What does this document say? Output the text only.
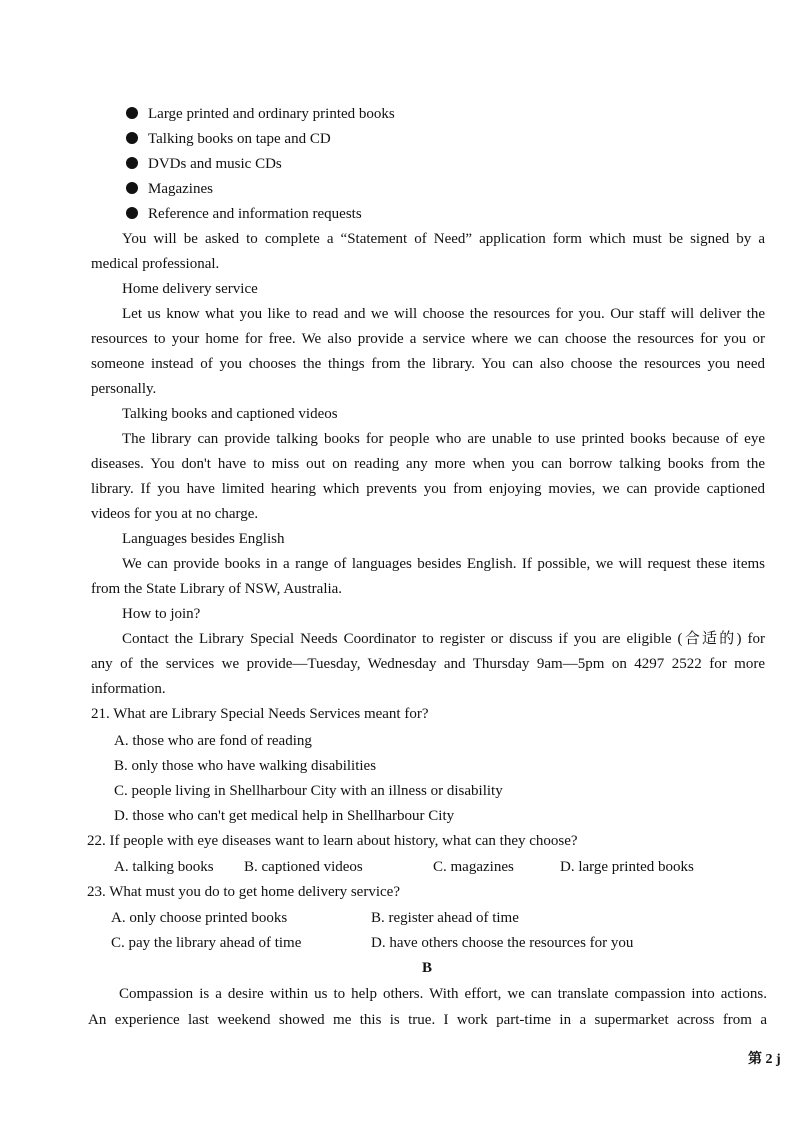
Large printed and ordinary printed books
Talking books on tape and CD
DVDs and music CDs
Magazines
Reference and information requests
You will be asked to complete a “Statement of Need” application form which must be signed by a
medical professional.
Home delivery service
Let us know what you like to read and we will choose the resources for you. Our staff will deliver the
resources to your home for free. We also provide a service where we can choose the resources for you or
someone instead of you chooses the things from the library. You can also choose the resources you need
personally.
Talking books and captioned videos
The library can provide talking books for people who are unable to use printed books because of eye
diseases. You don't have to miss out on reading any more when you can borrow talking books from the
library. If you have limited hearing which prevents you from enjoying movies, we can provide captioned
videos for you at no charge.
Languages besides English
We can provide books in a range of languages besides English. If possible, we will request these items
from the State Library of NSW, Australia.
How to join?
Contact the Library Special Needs Coordinator to register or discuss if you are eligible (合适的) for
any of the services we provide—Tuesday, Wednesday and Thursday 9am—5pm on 4297 2522 for more
information.
21. What are Library Special Needs Services meant for?
A. those who are fond of reading
B. only those who have walking disabilities
C. people living in Shellharbour City with an illness or disability
D. those who can't get medical help in Shellharbour City
22. If people with eye diseases want to learn about history, what can they choose?
A. talking books B. captioned videos	C. magazines	D. large printed books
23. What must you do to get home delivery service?
A. only choose printed books	B. register ahead of time
C. pay the library ahead of time	D. have others choose the resources for you
B
Compassion is a desire within us to help others. With effort, we can translate compassion into actions.
An experience last weekend showed me this is true. I work part-time in a supermarket across from a
第 2 j
